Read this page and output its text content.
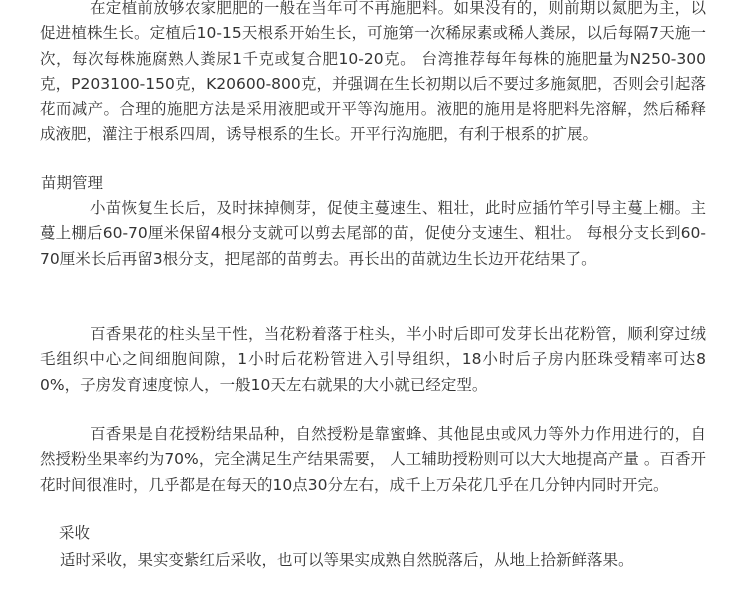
在定植前放够农家肥肥的一般在当年可不再施肥料。如果没有的，则前期以氮肥为主，以促进植株生长。定植后10-15天根系开始生长，可施第一次稀尿素或稀人粪尿，以后每隔7天施一次，每次每株施腐熟人粪尿1千克或复合肥10-20克。 台湾推荐每年每株的施肥量为N250-300克，P203100-150克，K20600-800克，并强调在生长初期以后不要过多施氮肥，否则会引起落花而减产。合理的施肥方法是采用液肥或开平等沟施用。液肥的施用是将肥料先溶解，然后稀释成液肥，灌注于根系四周，诱导根系的生长。开平行沟施肥，有利于根系的扩展。
苗期管理
小苗恢复生长后，及时抹掉侧芽，促使主蔓速生、粗壮，此时应插竹竿引导主蔓上棚。主蔓上棚后60-70厘米保留4根分支就可以剪去尾部的苗，促使分支速生、粗壮。 每根分支长到60-70厘米长后再留3根分支，把尾部的苗剪去。再长出的苗就边生长边开花结果了。
百香果花的柱头呈干性，当花粉着落于柱头，半小时后即可发芽长出花粉管，顺利穿过绒毛组织中心之间细胞间隙，1小时后花粉管进入引导组织，18小时后子房内胚珠受精率可达80%，子房发育速度惊人，一般10天左右就果的大小就已经定型。
百香果是自花授粉结果品种，自然授粉是靠蜜蜂、其他昆虫或风力等外力作用进行的，自然授粉坐果率约为70%，完全满足生产结果需要， 人工辅助授粉则可以大大地提高产量 。百香开花时间很准时，几乎都是在每天的10点30分左右，成千上万朵花几乎在几分钟内同时开完。
采收
适时采收，果实变紫红后采收，也可以等果实成熟自然脱落后，从地上拾新鲜落果。
